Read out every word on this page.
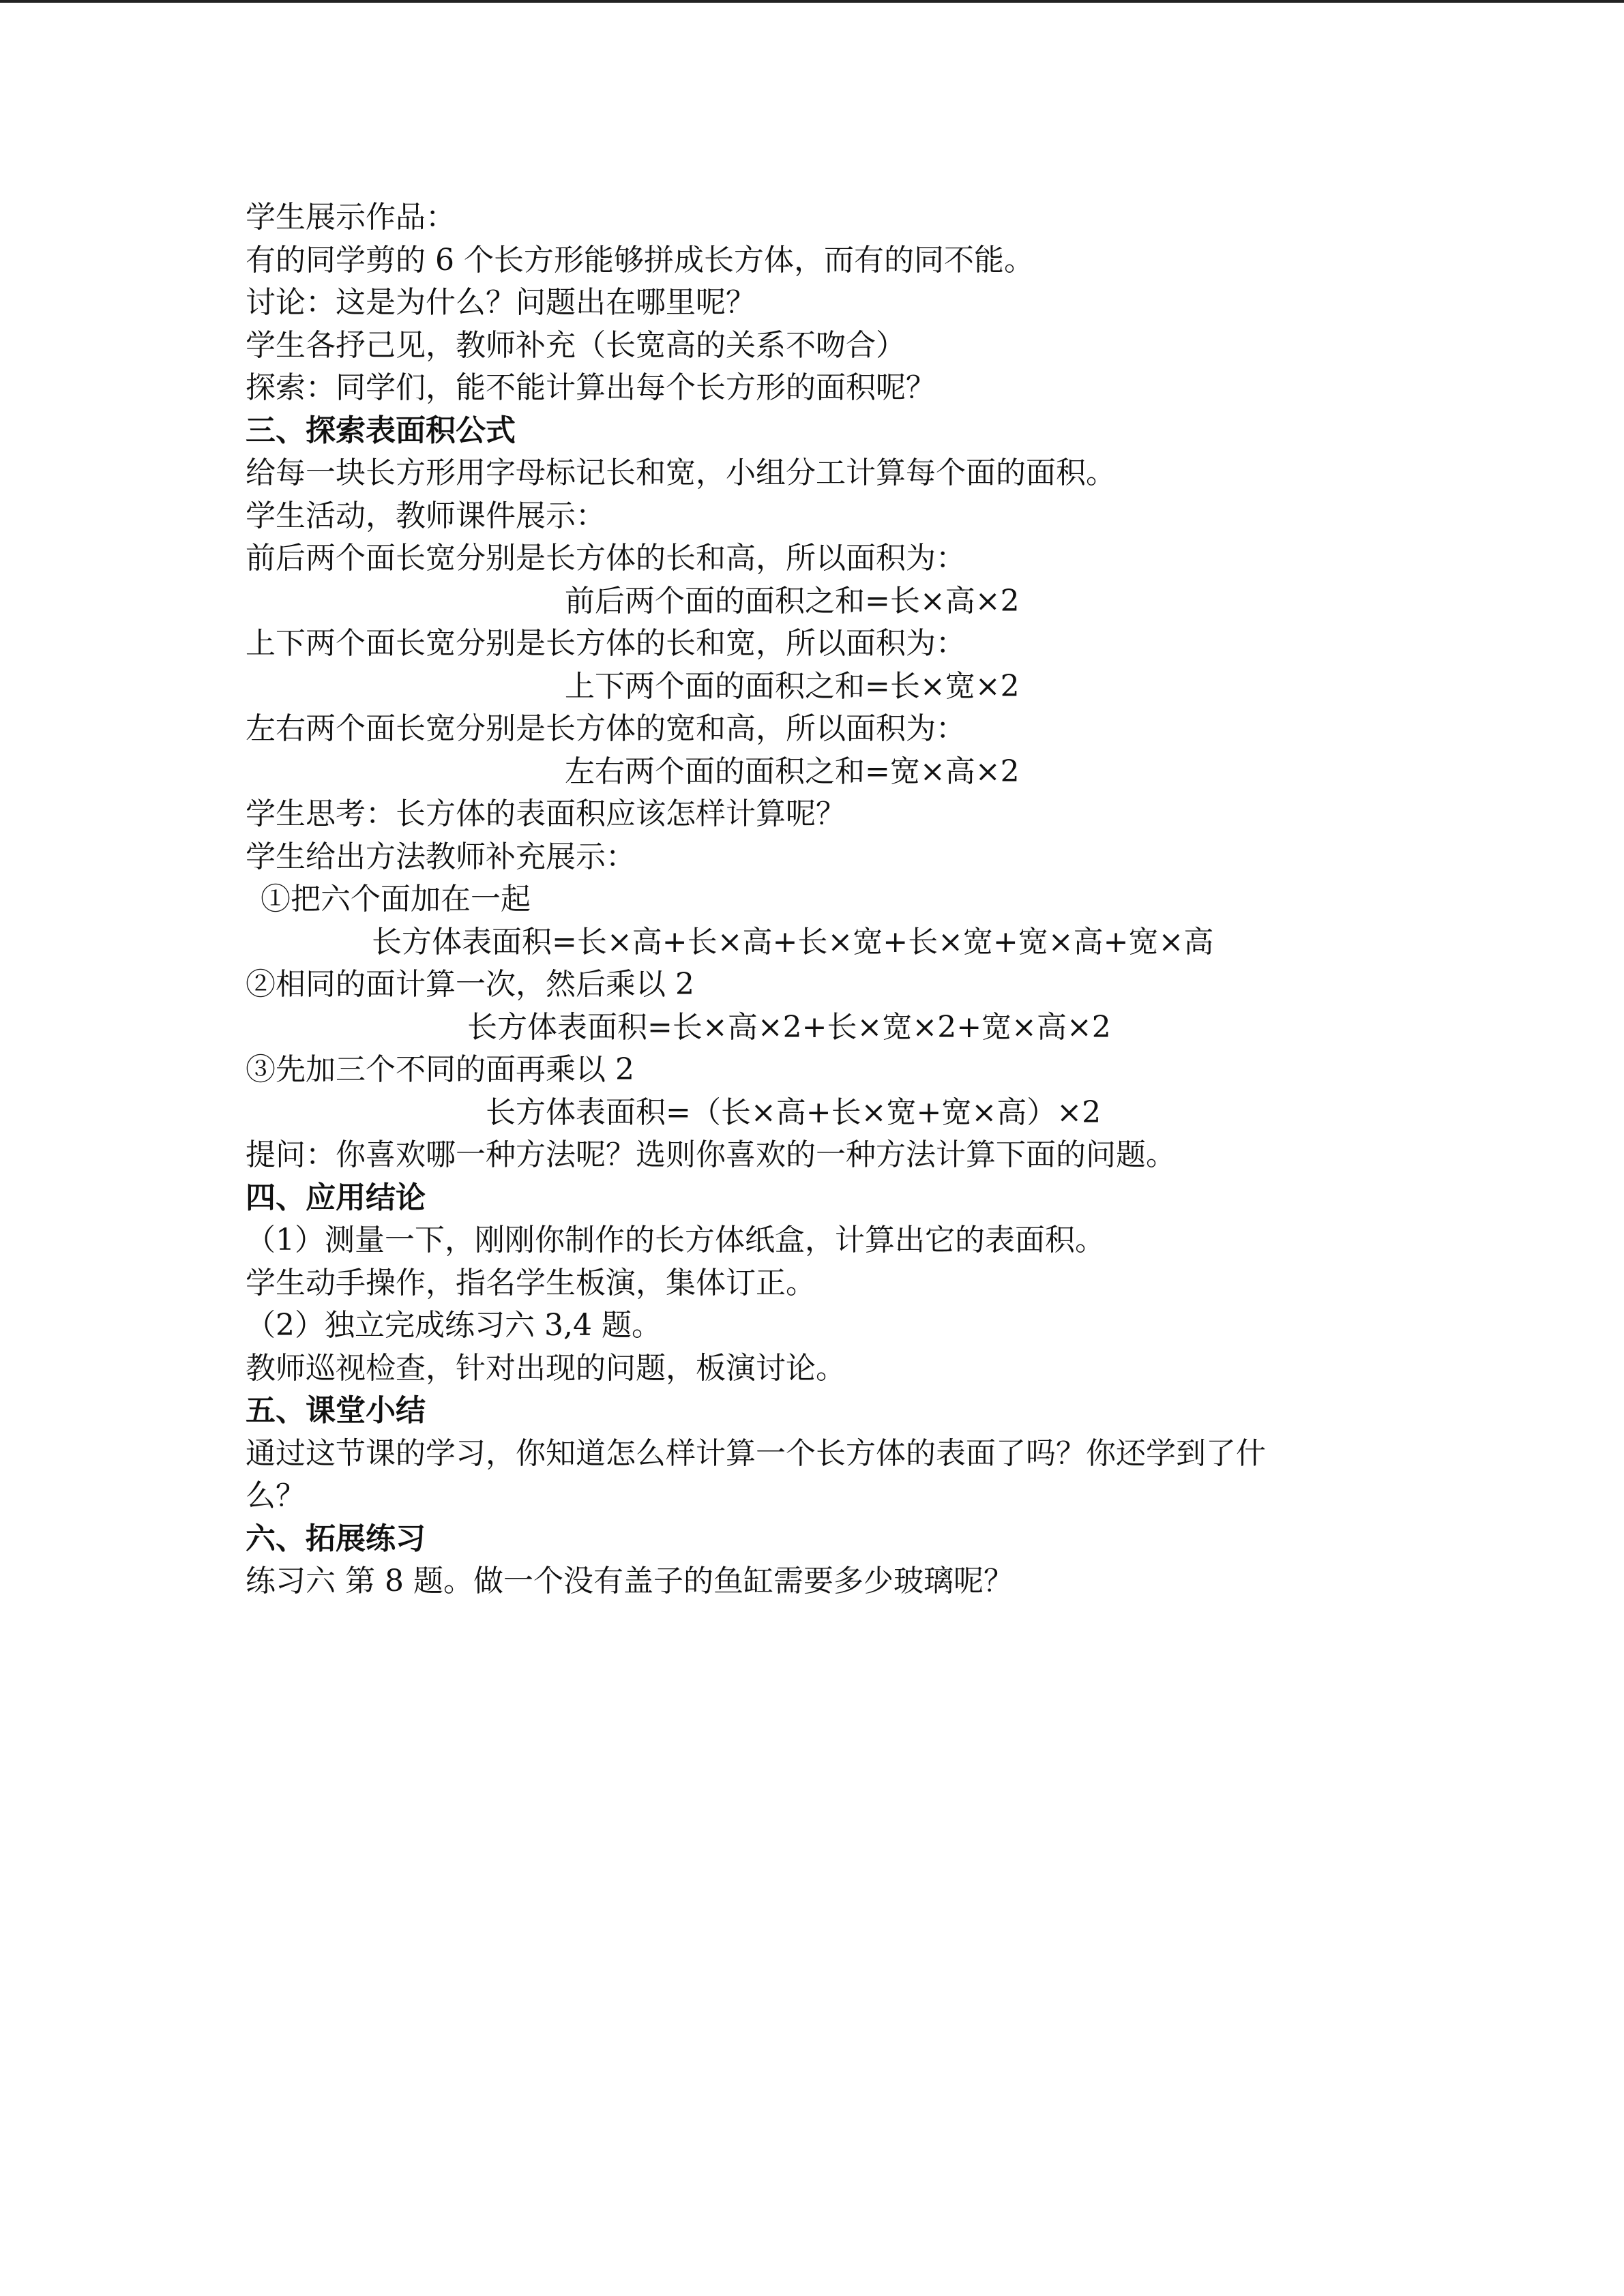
学生展示作品：
有的同学剪的 6 个长方形能够拼成长方体，而有的同不能。
讨论：这是为什么？问题出在哪里呢？
学生各抒己见，教师补充（长宽高的关系不吻合）
探索：同学们，能不能计算出每个长方形的面积呢？
三、探索表面积公式
给每一块长方形用字母标记长和宽，小组分工计算每个面的面积。
学生活动，教师课件展示：
前后两个面长宽分别是长方体的长和高，所以面积为：
前后两个面的面积之和=长×高×2
上下两个面长宽分别是长方体的长和宽，所以面积为：
上下两个面的面积之和=长×宽×2
左右两个面长宽分别是长方体的宽和高，所以面积为：
左右两个面的面积之和=宽×高×2
学生思考：长方体的表面积应该怎样计算呢？
学生给出方法教师补充展示：
①把六个面加在一起
长方体表面积=长×高+长×高+长×宽+长×宽+宽×高+宽×高
②相同的面计算一次，然后乘以 2
长方体表面积=长×高×2+长×宽×2+宽×高×2
③先加三个不同的面再乘以 2
长方体表面积=（长×高+长×宽+宽×高）×2
提问：你喜欢哪一种方法呢？选则你喜欢的一种方法计算下面的问题。
四、应用结论
（1）测量一下，刚刚你制作的长方体纸盒，计算出它的表面积。
学生动手操作，指名学生板演，集体订正。
（2）独立完成练习六 3,4 题。
教师巡视检查，针对出现的问题，板演讨论。
五、课堂小结
通过这节课的学习，你知道怎么样计算一个长方体的表面了吗？你还学到了什
么？
六、拓展练习
练习六 第 8 题。做一个没有盖子的鱼缸需要多少玻璃呢？
